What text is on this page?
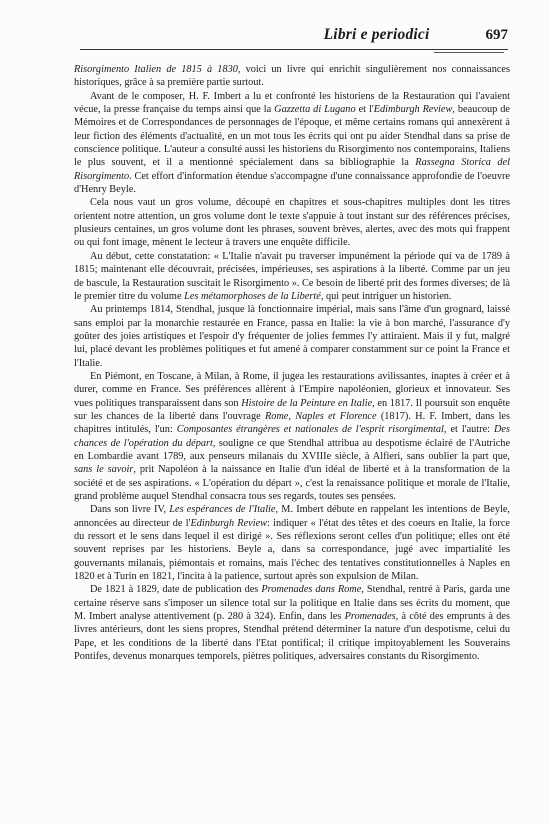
Libri e periodici	697

Risorgimento Italien de 1815 à 1830, voici un livre qui enrichit singulièrement nos connaissances historiques, grâce à sa première partie surtout.

Avant de le composer, H. F. Imbert a lu et confronté les historiens de la Restauration qui l'avaient vécue, la presse française du temps ainsi que la Gazzetta di Lugano et l'Edimburgh Review, beaucoup de Mémoires et de Correspondances de personnages de l'époque, et même certains romans qui annexèrent à leur fiction des éléments d'actualité, en un mot tous les écrits qui ont pu aider Stendhal dans sa prise de conscience politique. L'auteur a consulté aussi les historiens du Risorgimento nos contemporains, Italiens le plus souvent, et il a mentionné spécialement dans sa bibliographie la Rassegna Storica del Risorgimento. Cet effort d'information étendue s'accompagne d'une connaissance approfondie de l'oeuvre d'Henry Beyle.

Cela nous vaut un gros volume, découpé en chapitres et sous-chapitres multiples dont les titres orientent notre attention, un gros volume dont le texte s'appuie à tout instant sur des références précises, plusieurs centaines, un gros volume dont les phrases, souvent brèves, alertes, avec des mots qui frappent ou qui font image, mènent le lecteur à travers une enquête difficile.

Au début, cette constatation: « L'Italie n'avait pu traverser impunément la période qui va de 1789 à 1815; maintenant elle découvrait, précisées, impérieuses, ses aspirations à la liberté. Comme par un jeu de bascule, la Restauration suscitait le Risorgimento ». Ce besoin de liberté prit des formes diverses; de là le premier titre du volume Les métamorphoses de la Liberté, qui peut intriguer un historien.

Au printemps 1814, Stendhal, jusque là fonctionnaire impérial, mais sans l'âme d'un grognard, laissé sans emploi par la monarchie restaurée en France, passa en Italie: la vie à bon marché, l'assurance d'y goûter des joies artistiques et l'espoir d'y fréquenter de jolies femmes l'y attiraient. Mais il y fut, malgré lui, placé devant les problèmes politiques et fut amené à comparer constamment sur ce point la France et l'Italie.

En Piémont, en Toscane, à Milan, à Rome, il jugea les restaurations avilissantes, inaptes à créer et à durer, comme en France. Ses préférences allèrent à l'Empire napoléonien, glorieux et innovateur. Ses vues politiques transparaissent dans son Histoire de la Peinture en Italie, en 1817. Il poursuit son enquête sur les chances de la liberté dans l'ouvrage Rome, Naples et Florence (1817). H. F. Imbert, dans les chapitres intitulés, l'un: Composantes étrangères et nationales de l'esprit risorgimental, et l'autre: Des chances de l'opération du départ, souligne ce que Stendhal attribua au despotisme éclairé de l'Autriche en Lombardie avant 1789, aux penseurs milanais du XVIIIe siècle, à Alfieri, sans oublier la part que, sans le savoir, prit Napoléon à la naissance en Italie d'un idéal de liberté et à la transformation de la société et de ses aspirations. « L'opération du départ », c'est la renaissance politique et morale de l'Italie, grand problème auquel Stendhal consacra tous ses regards, toutes ses pensées.

Dans son livre IV, Les espérances de l'Italie, M. Imbert débute en rappelant les intentions de Beyle, annoncées au directeur de l'Edinburgh Review: indiquer « l'état des têtes et des coeurs en Italie, la force du ressort et le sens dans lequel il est dirigé ». Ses réflexions seront celles d'un politique; elles ont été souvent reprises par les historiens. Beyle a, dans sa correspondance, jugé avec impartialité les gouvernants milanais, piémontais et romains, mais l'échec des tentatives constitutionnelles à Naples en 1820 et à Turin en 1821, l'incita à la patience, surtout après son expulsion de Milan.

De 1821 à 1829, date de publication des Promenades dans Rome, Stendhal, rentré à Paris, garda une certaine réserve sans s'imposer un silence total sur la politique en Italie dans ses écrits du moment, que M. Imbert analyse attentivement (p. 280 à 324). Enfin, dans les Promenades, à côté des emprunts à des livres antérieurs, dont les siens propres, Stendhal prétend déterminer la nature d'un despotisme, celui du Pape, et les conditions de la liberté dans l'Etat pontifical; il critique impitoyablement les Souverains Pontifes, devenus monarques temporels, piètres politiques, adversaires constants du Risorgimento.
